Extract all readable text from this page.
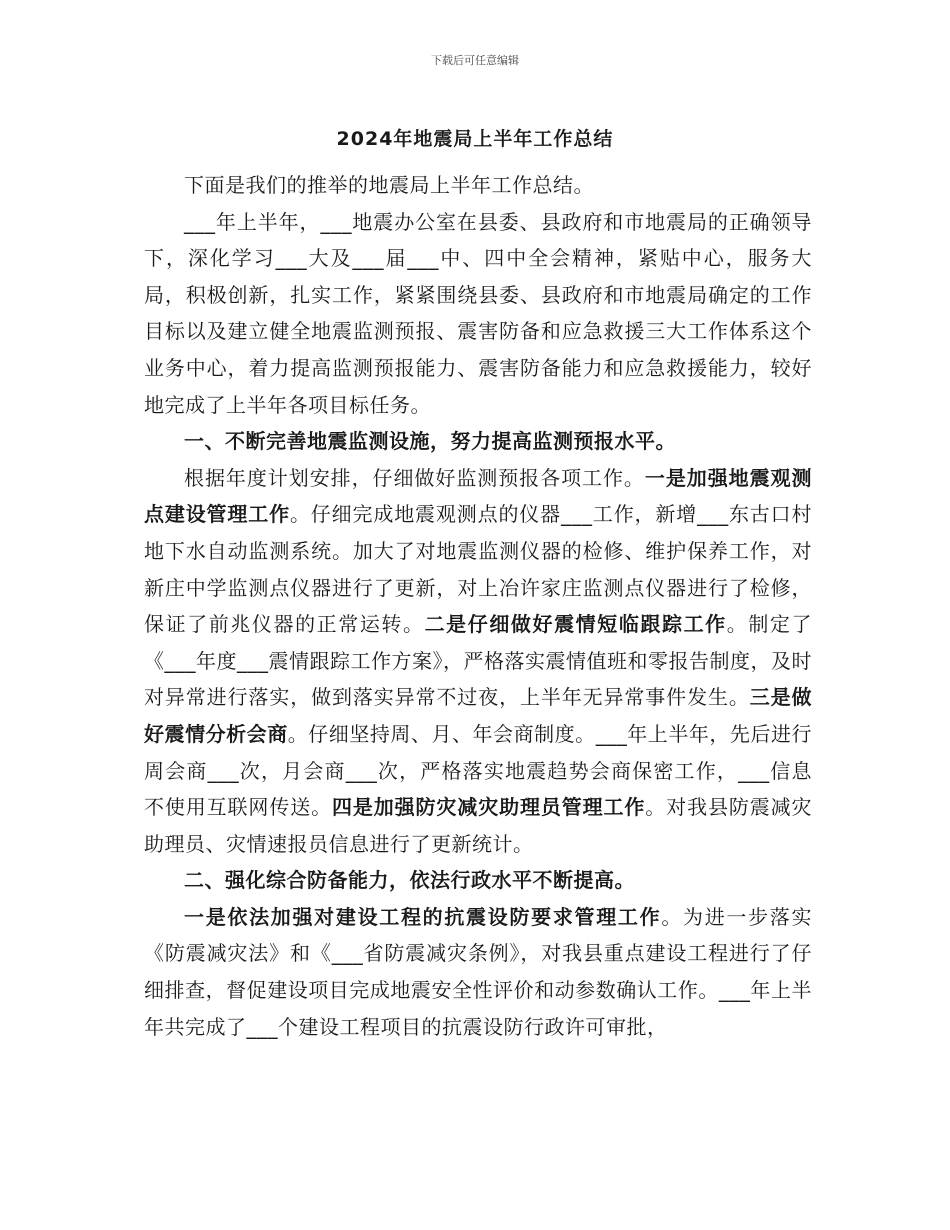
下载后可任意编辑
2024年地震局上半年工作总结

下面是我们的推举的地震局上半年工作总结。

___年上半年，___地震办公室在县委、县政府和市地震局的正确领导下，深化学习___大及___届___中、四中全会精神，紧贴中心，服务大局，积极创新，扎实工作，紧紧围绕县委、县政府和市地震局确定的工作目标以及建立健全地震监测预报、震害防备和应急救援三大工作体系这个业务中心，着力提高监测预报能力、震害防备能力和应急救援能力，较好地完成了上半年各项目标任务。

一、不断完善地震监测设施，努力提高监测预报水平。

根据年度计划安排，仔细做好监测预报各项工作。一是加强地震观测点建设管理工作。仔细完成地震观测点的仪器___工作，新增___东古口村地下水自动监测系统。加大了对地震监测仪器的检修、维护保养工作，对新庄中学监测点仪器进行了更新，对上冶许家庄监测点仪器进行了检修，保证了前兆仪器的正常运转。二是仔细做好震情短临跟踪工作。制定了《___年度___震情跟踪工作方案》，严格落实震情值班和零报告制度，及时对异常进行落实，做到落实异常不过夜，上半年无异常事件发生。三是做好震情分析会商。仔细坚持周、月、年会商制度。___年上半年，先后进行周会商___次，月会商___次，严格落实地震趋势会商保密工作，___信息不使用互联网传送。四是加强防灾减灾助理员管理工作。对我县防震减灾助理员、灾情速报员信息进行了更新统计。

二、强化综合防备能力，依法行政水平不断提高。

一是依法加强对建设工程的抗震设防要求管理工作。为进一步落实《防震减灾法》和《___省防震减灾条例》，对我县重点建设工程进行了仔细排查，督促建设项目完成地震安全性评价和动参数确认工作。___年上半年共完成了___个建设工程项目的抗震设防行政许可审批，
